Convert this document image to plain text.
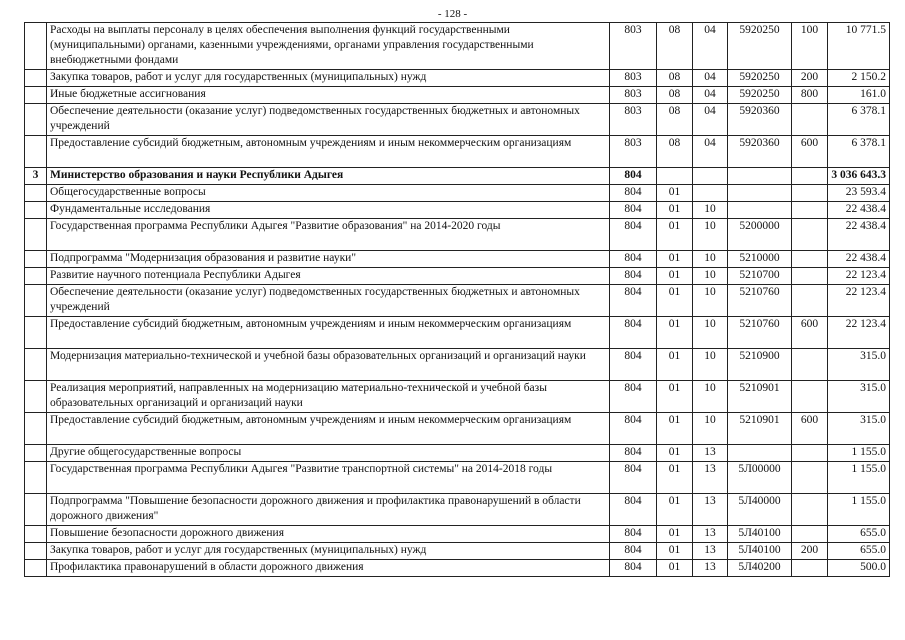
- 128 -
	Расходы на выплаты персоналу в целях обеспечения выполнения функций государственными (муниципальными) органами, казенными учреждениями, органами управления государственными внебюджетными фондами	803	08	04	5920250	100	10 771.5
	Закупка товаров, работ и услуг для государственных (муниципальных) нужд	803	08	04	5920250	200	2 150.2
	Иные бюджетные ассигнования	803	08	04	5920250	800	161.0
	Обеспечение деятельности (оказание услуг) подведомственных государственных бюджетных и автономных учреждений	803	08	04	5920360		6 378.1
	Предоставление субсидий бюджетным, автономным учреждениям и иным некоммерческим организациям	803	08	04	5920360	600	6 378.1
3	Министерство образования и науки Республики Адыгея	804					3 036 643.3
	Общегосударственные вопросы	804	01				23 593.4
	Фундаментальные исследования	804	01	10			22 438.4
	Государственная программа Республики Адыгея "Развитие образования" на 2014-2020 годы	804	01	10	5200000		22 438.4
	Подпрограмма "Модернизация образования и развитие науки"	804	01	10	5210000		22 438.4
	Развитие научного потенциала Республики Адыгея	804	01	10	5210700		22 123.4
	Обеспечение деятельности (оказание услуг) подведомственных государственных бюджетных и автономных учреждений	804	01	10	5210760		22 123.4
	Предоставление субсидий бюджетным, автономным учреждениям и иным некоммерческим организациям	804	01	10	5210760	600	22 123.4
	Модернизация материально-технической и учебной базы образовательных организаций и организаций науки	804	01	10	5210900		315.0
	Реализация мероприятий, направленных на модернизацию материально-технической и учебной базы образовательных организаций и организаций науки	804	01	10	5210901		315.0
	Предоставление субсидий бюджетным, автономным учреждениям и иным некоммерческим организациям	804	01	10	5210901	600	315.0
	Другие общегосударственные вопросы	804	01	13			1 155.0
	Государственная программа Республики Адыгея "Развитие транспортной системы" на 2014-2018 годы	804	01	13	5Л00000		1 155.0
	Подпрограмма "Повышение безопасности дорожного движения и профилактика правонарушений в области дорожного движения"	804	01	13	5Л40000		1 155.0
	Повышение безопасности дорожного движения	804	01	13	5Л40100		655.0
	Закупка товаров, работ и услуг для государственных (муниципальных) нужд	804	01	13	5Л40100	200	655.0
	Профилактика правонарушений в области дорожного движения	804	01	13	5Л40200		500.0
